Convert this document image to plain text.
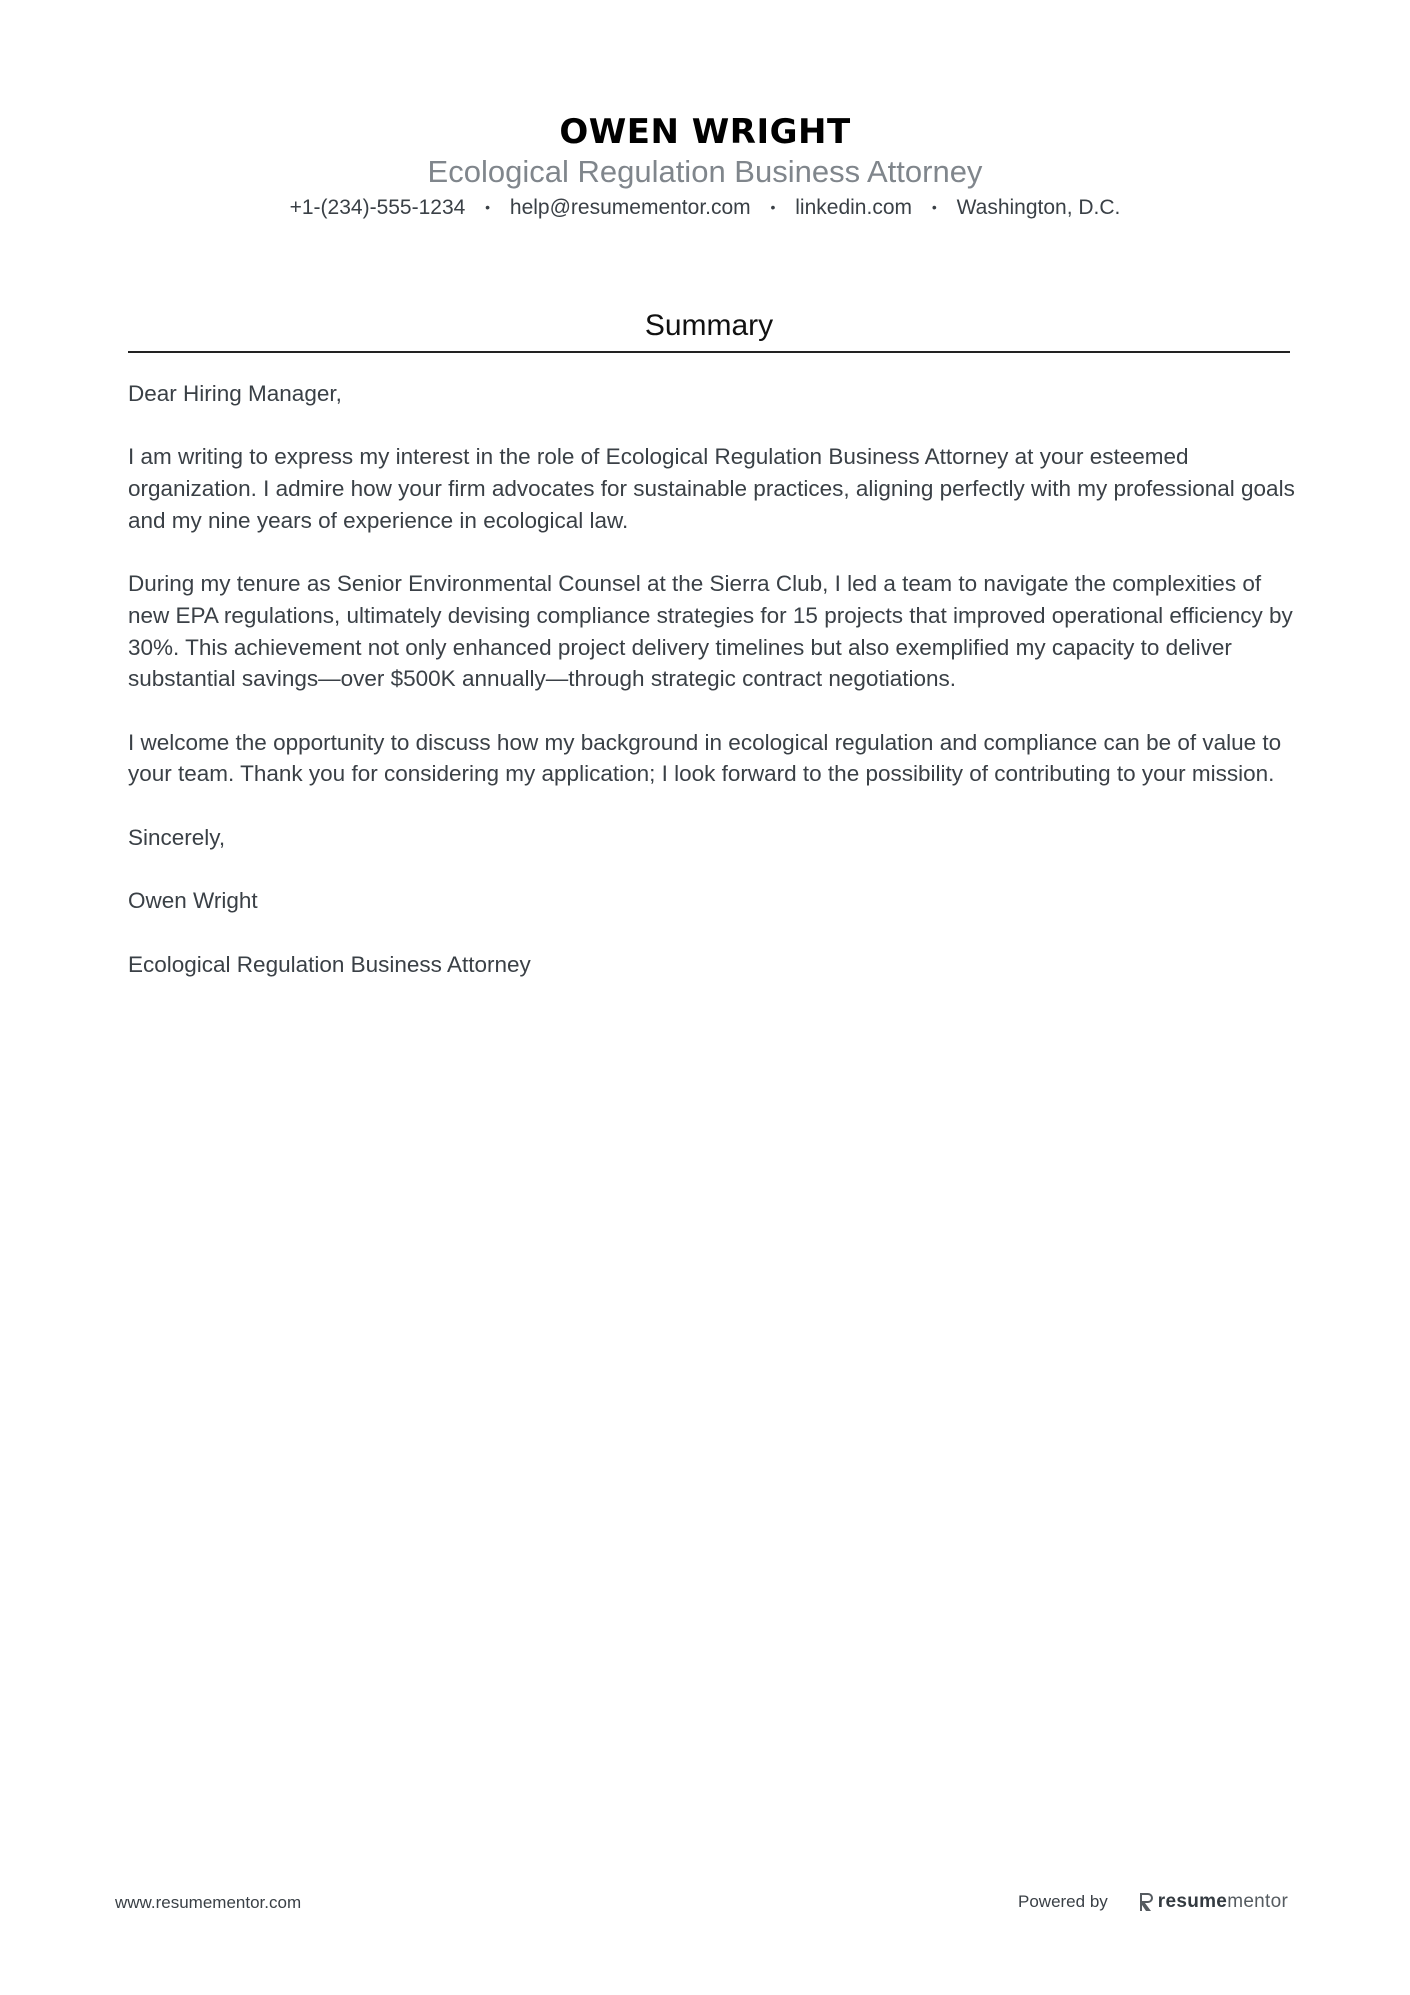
OWEN WRIGHT
Ecological Regulation Business Attorney
+1-(234)-555-1234 • help@resumementor.com • linkedin.com • Washington, D.C.
Summary

Dear Hiring Manager,

I am writing to express my interest in the role of Ecological Regulation Business Attorney at your esteemed organization. I admire how your firm advocates for sustainable practices, aligning perfectly with my professional goals and my nine years of experience in ecological law.

During my tenure as Senior Environmental Counsel at the Sierra Club, I led a team to navigate the complexities of new EPA regulations, ultimately devising compliance strategies for 15 projects that improved operational efficiency by 30%. This achievement not only enhanced project delivery timelines but also exemplified my capacity to deliver substantial savings—over $500K annually—through strategic contract negotiations.

I welcome the opportunity to discuss how my background in ecological regulation and compliance can be of value to your team. Thank you for considering my application; I look forward to the possibility of contributing to your mission.

Sincerely,

Owen Wright

Ecological Regulation Business Attorney

www.resumementor.com	Powered by	resumementor
